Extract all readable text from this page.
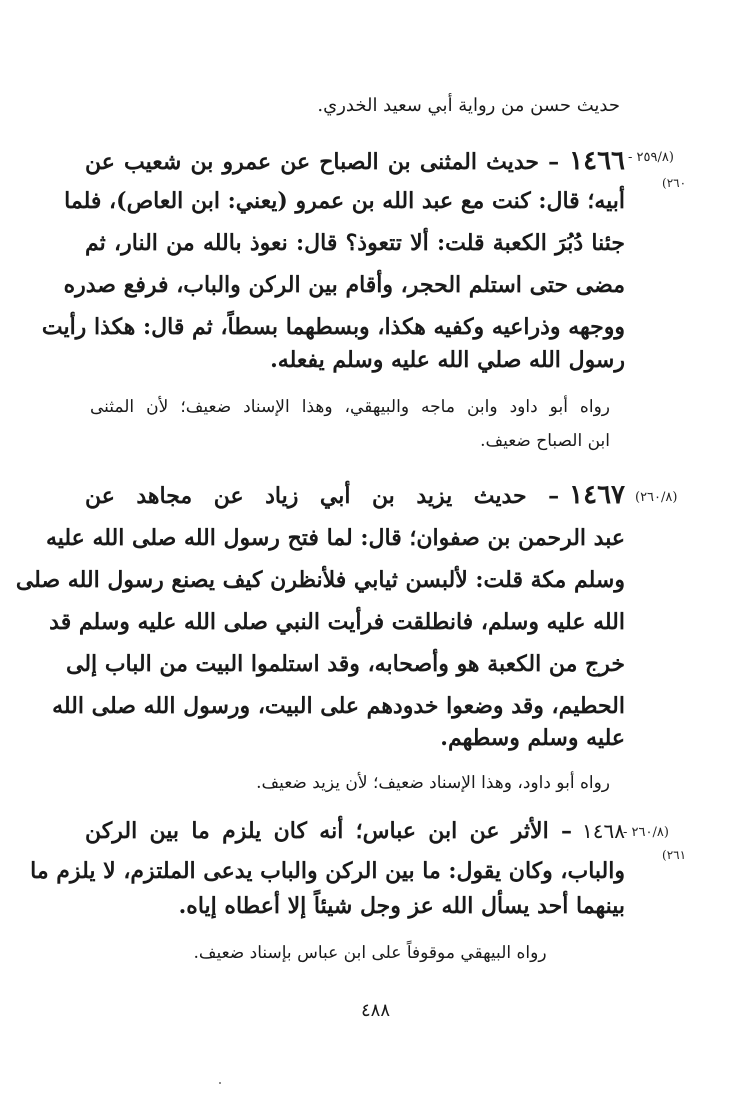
حديث حسن من رواية أبي سعيد الخدري.
(٢٥٩/٨ -
٢٦٠)
١٤٦٦
– حديث المثنى بن الصباح عن عمرو بن شعيب عن
أبيه؛ قال: كنت مع عبد الله بن عمرو (يعني: ابن العاص)، فلما
جئنا دُبُرَ الكعبة قلت: ألا تتعوذ؟ قال: نعوذ بالله من النار، ثم
مضى حتى استلم الحجر، وأقام بين الركن والباب، فرفع صدره
ووجهه وذراعيه وكفيه هكذا، وبسطهما بسطاً، ثم قال: هكذا رأيت
رسول الله صلي الله عليه وسلم يفعله.
رواه أبو داود وابن ماجه والبيهقي، وهذا الإسناد ضعيف؛ لأن المثنى
ابن الصباح ضعيف.
(٢٦٠/٨)
١٤٦٧
– حديث يزيد بن أبي زياد عن مجاهد عن
عبد الرحمن بن صفوان؛ قال: لما فتح رسول الله صلى الله عليه
وسلم مكة قلت: لألبسن ثيابي فلأنظرن كيف يصنع رسول الله صلى
الله عليه وسلم، فانطلقت فرأيت النبي صلى الله عليه وسلم قد
خرج من الكعبة هو وأصحابه، وقد استلموا البيت من الباب إلى
الحطيم، وقد وضعوا خدودهم على البيت، ورسول الله صلى الله
عليه وسلم وسطهم.
رواه أبو داود، وهذا الإسناد ضعيف؛ لأن يزيد ضعيف.
(٢٦٠/٨ -
٢٦١)
١٤٦٨
– الأثر عن ابن عباس؛ أنه كان يلزم ما بين الركن
والباب، وكان يقول: ما بين الركن والباب يدعى الملتزم، لا يلزم ما
بينهما أحد يسأل الله عز وجل شيئاً إلا أعطاه إياه.
رواه البيهقي موقوفاً على ابن عباس بإسناد ضعيف.
٤٨٨
